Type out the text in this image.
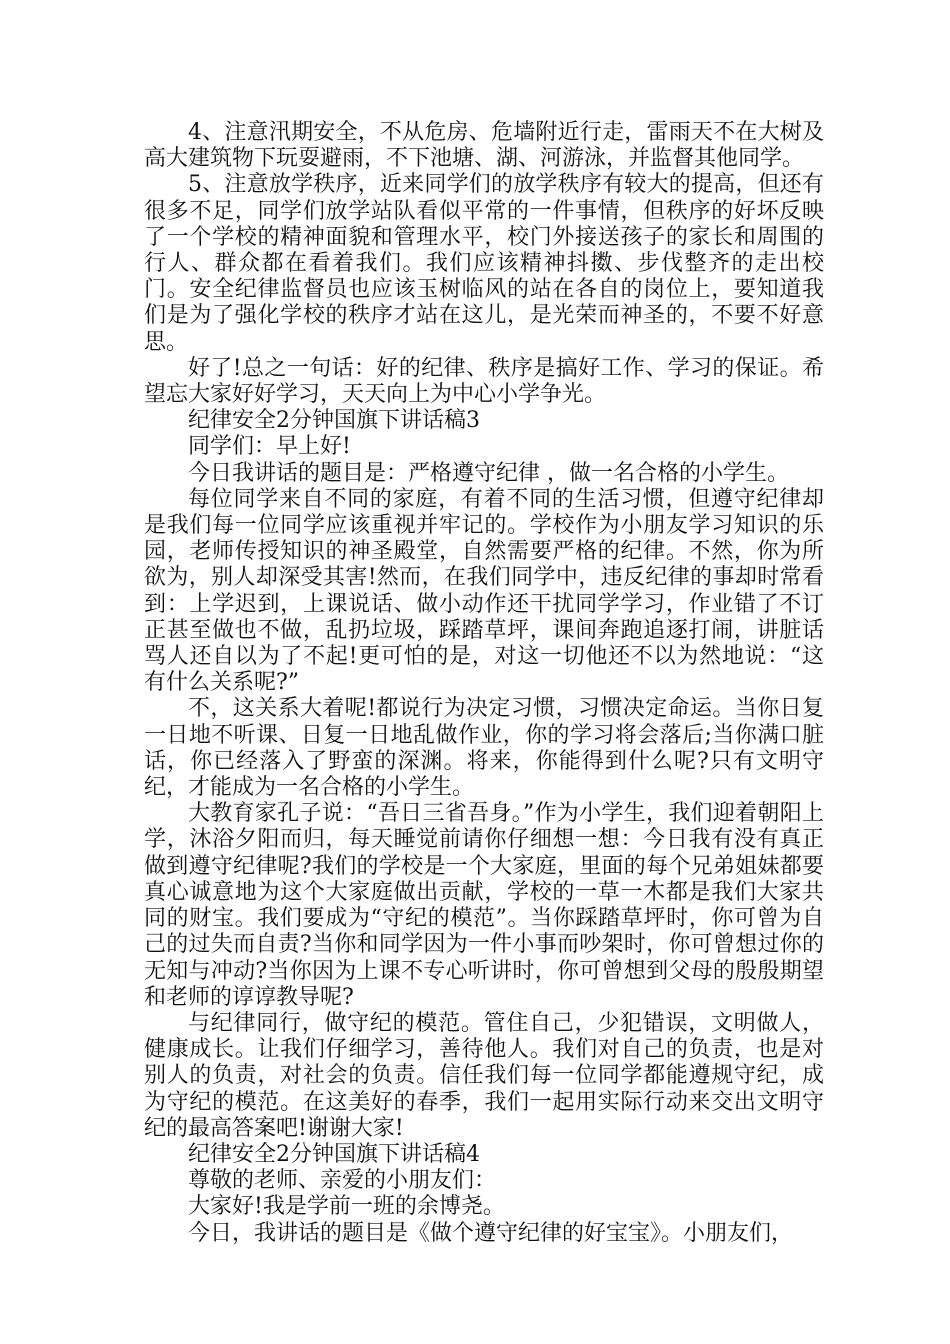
4、注意汛期安全，不从危房、危墙附近行走，雷雨天不在大树及高大建筑物下玩耍避雨，不下池塘、湖、河游泳，并监督其他同学。

5、注意放学秩序，近来同学们的放学秩序有较大的提高，但还有很多不足，同学们放学站队看似平常的一件事情，但秩序的好坏反映了一个学校的精神面貌和管理水平，校门外接送孩子的家长和周围的行人、群众都在看着我们。我们应该精神抖擞、步伐整齐的走出校门。安全纪律监督员也应该玉树临风的站在各自的岗位上，要知道我们是为了强化学校的秩序才站在这儿，是光荣而神圣的，不要不好意思。

好了!总之一句话：好的纪律、秩序是搞好工作、学习的保证。希望忘大家好好学习，天天向上为中心小学争光。

纪律安全2分钟国旗下讲话稿3

同学们：早上好!

今日我讲话的题目是：严格遵守纪律 ，做一名合格的小学生。

每位同学来自不同的家庭，有着不同的生活习惯，但遵守纪律却是我们每一位同学应该重视并牢记的。学校作为小朋友学习知识的乐园，老师传授知识的神圣殿堂，自然需要严格的纪律。不然，你为所欲为，别人却深受其害!然而，在我们同学中，违反纪律的事却时常看到：上学迟到，上课说话、做小动作还干扰同学学习，作业错了不订正甚至做也不做，乱扔垃圾，踩踏草坪，课间奔跑追逐打闹，讲脏话骂人还自以为了不起!更可怕的是，对这一切他还不以为然地说：“这有什么关系呢?”

不，这关系大着呢!都说行为决定习惯，习惯决定命运。当你日复一日地不听课、日复一日地乱做作业，你的学习将会落后;当你满口脏话，你已经落入了野蛮的深渊。将来，你能得到什么呢?只有文明守纪，才能成为一名合格的小学生。

大教育家孔子说：“吾日三省吾身。”作为小学生，我们迎着朝阳上学，沐浴夕阳而归，每天睡觉前请你仔细想一想：今日我有没有真正做到遵守纪律呢?我们的学校是一个大家庭，里面的每个兄弟姐妹都要真心诚意地为这个大家庭做出贡献，学校的一草一木都是我们大家共同的财宝。我们要成为“守纪的模范”。当你踩踏草坪时，你可曾为自己的过失而自责?当你和同学因为一件小事而吵架时，你可曾想过你的无知与冲动?当你因为上课不专心听讲时，你可曾想到父母的殷殷期望和老师的谆谆教导呢?

与纪律同行，做守纪的模范。管住自己，少犯错误，文明做人，健康成长。让我们仔细学习，善待他人。我们对自己的负责，也是对别人的负责，对社会的负责。信任我们每一位同学都能遵规守纪，成为守纪的模范。在这美好的春季，我们一起用实际行动来交出文明守纪的最高答案吧!谢谢大家!

纪律安全2分钟国旗下讲话稿4

尊敬的老师、亲爱的小朋友们：

大家好!我是学前一班的余博尧。

今日，我讲话的题目是《做个遵守纪律的好宝宝》。小朋友们，
